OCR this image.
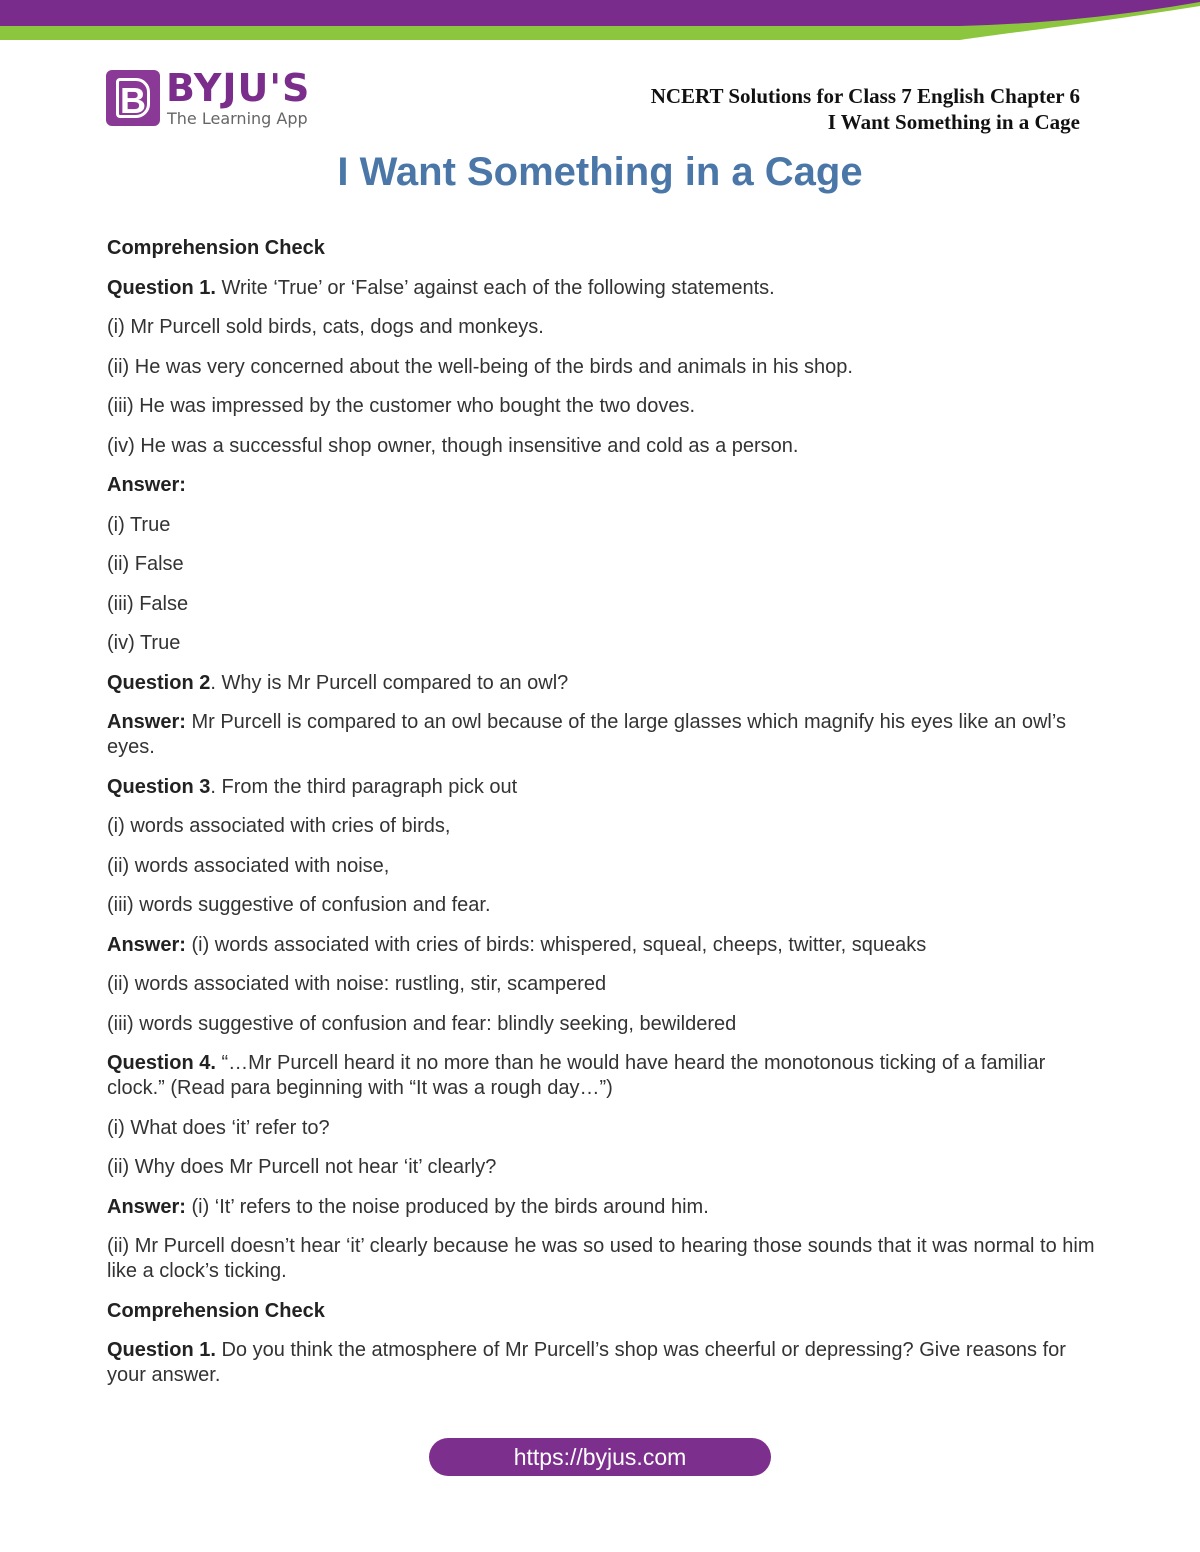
B BYJU'S
The Learning App
NCERT Solutions for Class 7 English Chapter 6
I Want Something in a Cage
I Want Something in a Cage

Comprehension Check

Question 1. Write ‘True’ or ‘False’ against each of the following statements.

(i) Mr Purcell sold birds, cats, dogs and monkeys.

(ii) He was very concerned about the well-being of the birds and animals in his shop.

(iii) He was impressed by the customer who bought the two doves.

(iv) He was a successful shop owner, though insensitive and cold as a person.

Answer:

(i) True

(ii) False

(iii) False

(iv) True

Question 2. Why is Mr Purcell compared to an owl?

Answer: Mr Purcell is compared to an owl because of the large glasses which magnify his eyes like an owl’s eyes.

Question 3. From the third paragraph pick out

(i) words associated with cries of birds,

(ii) words associated with noise,

(iii) words suggestive of confusion and fear.

Answer: (i) words associated with cries of birds: whispered, squeal, cheeps, twitter, squeaks

(ii) words associated with noise: rustling, stir, scampered

(iii) words suggestive of confusion and fear: blindly seeking, bewildered

Question 4. “…Mr Purcell heard it no more than he would have heard the monotonous ticking of a familiar clock.” (Read para beginning with “It was a rough day…”)

(i) What does ‘it’ refer to?

(ii) Why does Mr Purcell not hear ‘it’ clearly?

Answer: (i) ‘It’ refers to the noise produced by the birds around him.

(ii) Mr Purcell doesn’t hear ‘it’ clearly because he was so used to hearing those sounds that it was normal to him like a clock’s ticking.

Comprehension Check

Question 1. Do you think the atmosphere of Mr Purcell’s shop was cheerful or depressing? Give reasons for your answer.

https://byjus.com
